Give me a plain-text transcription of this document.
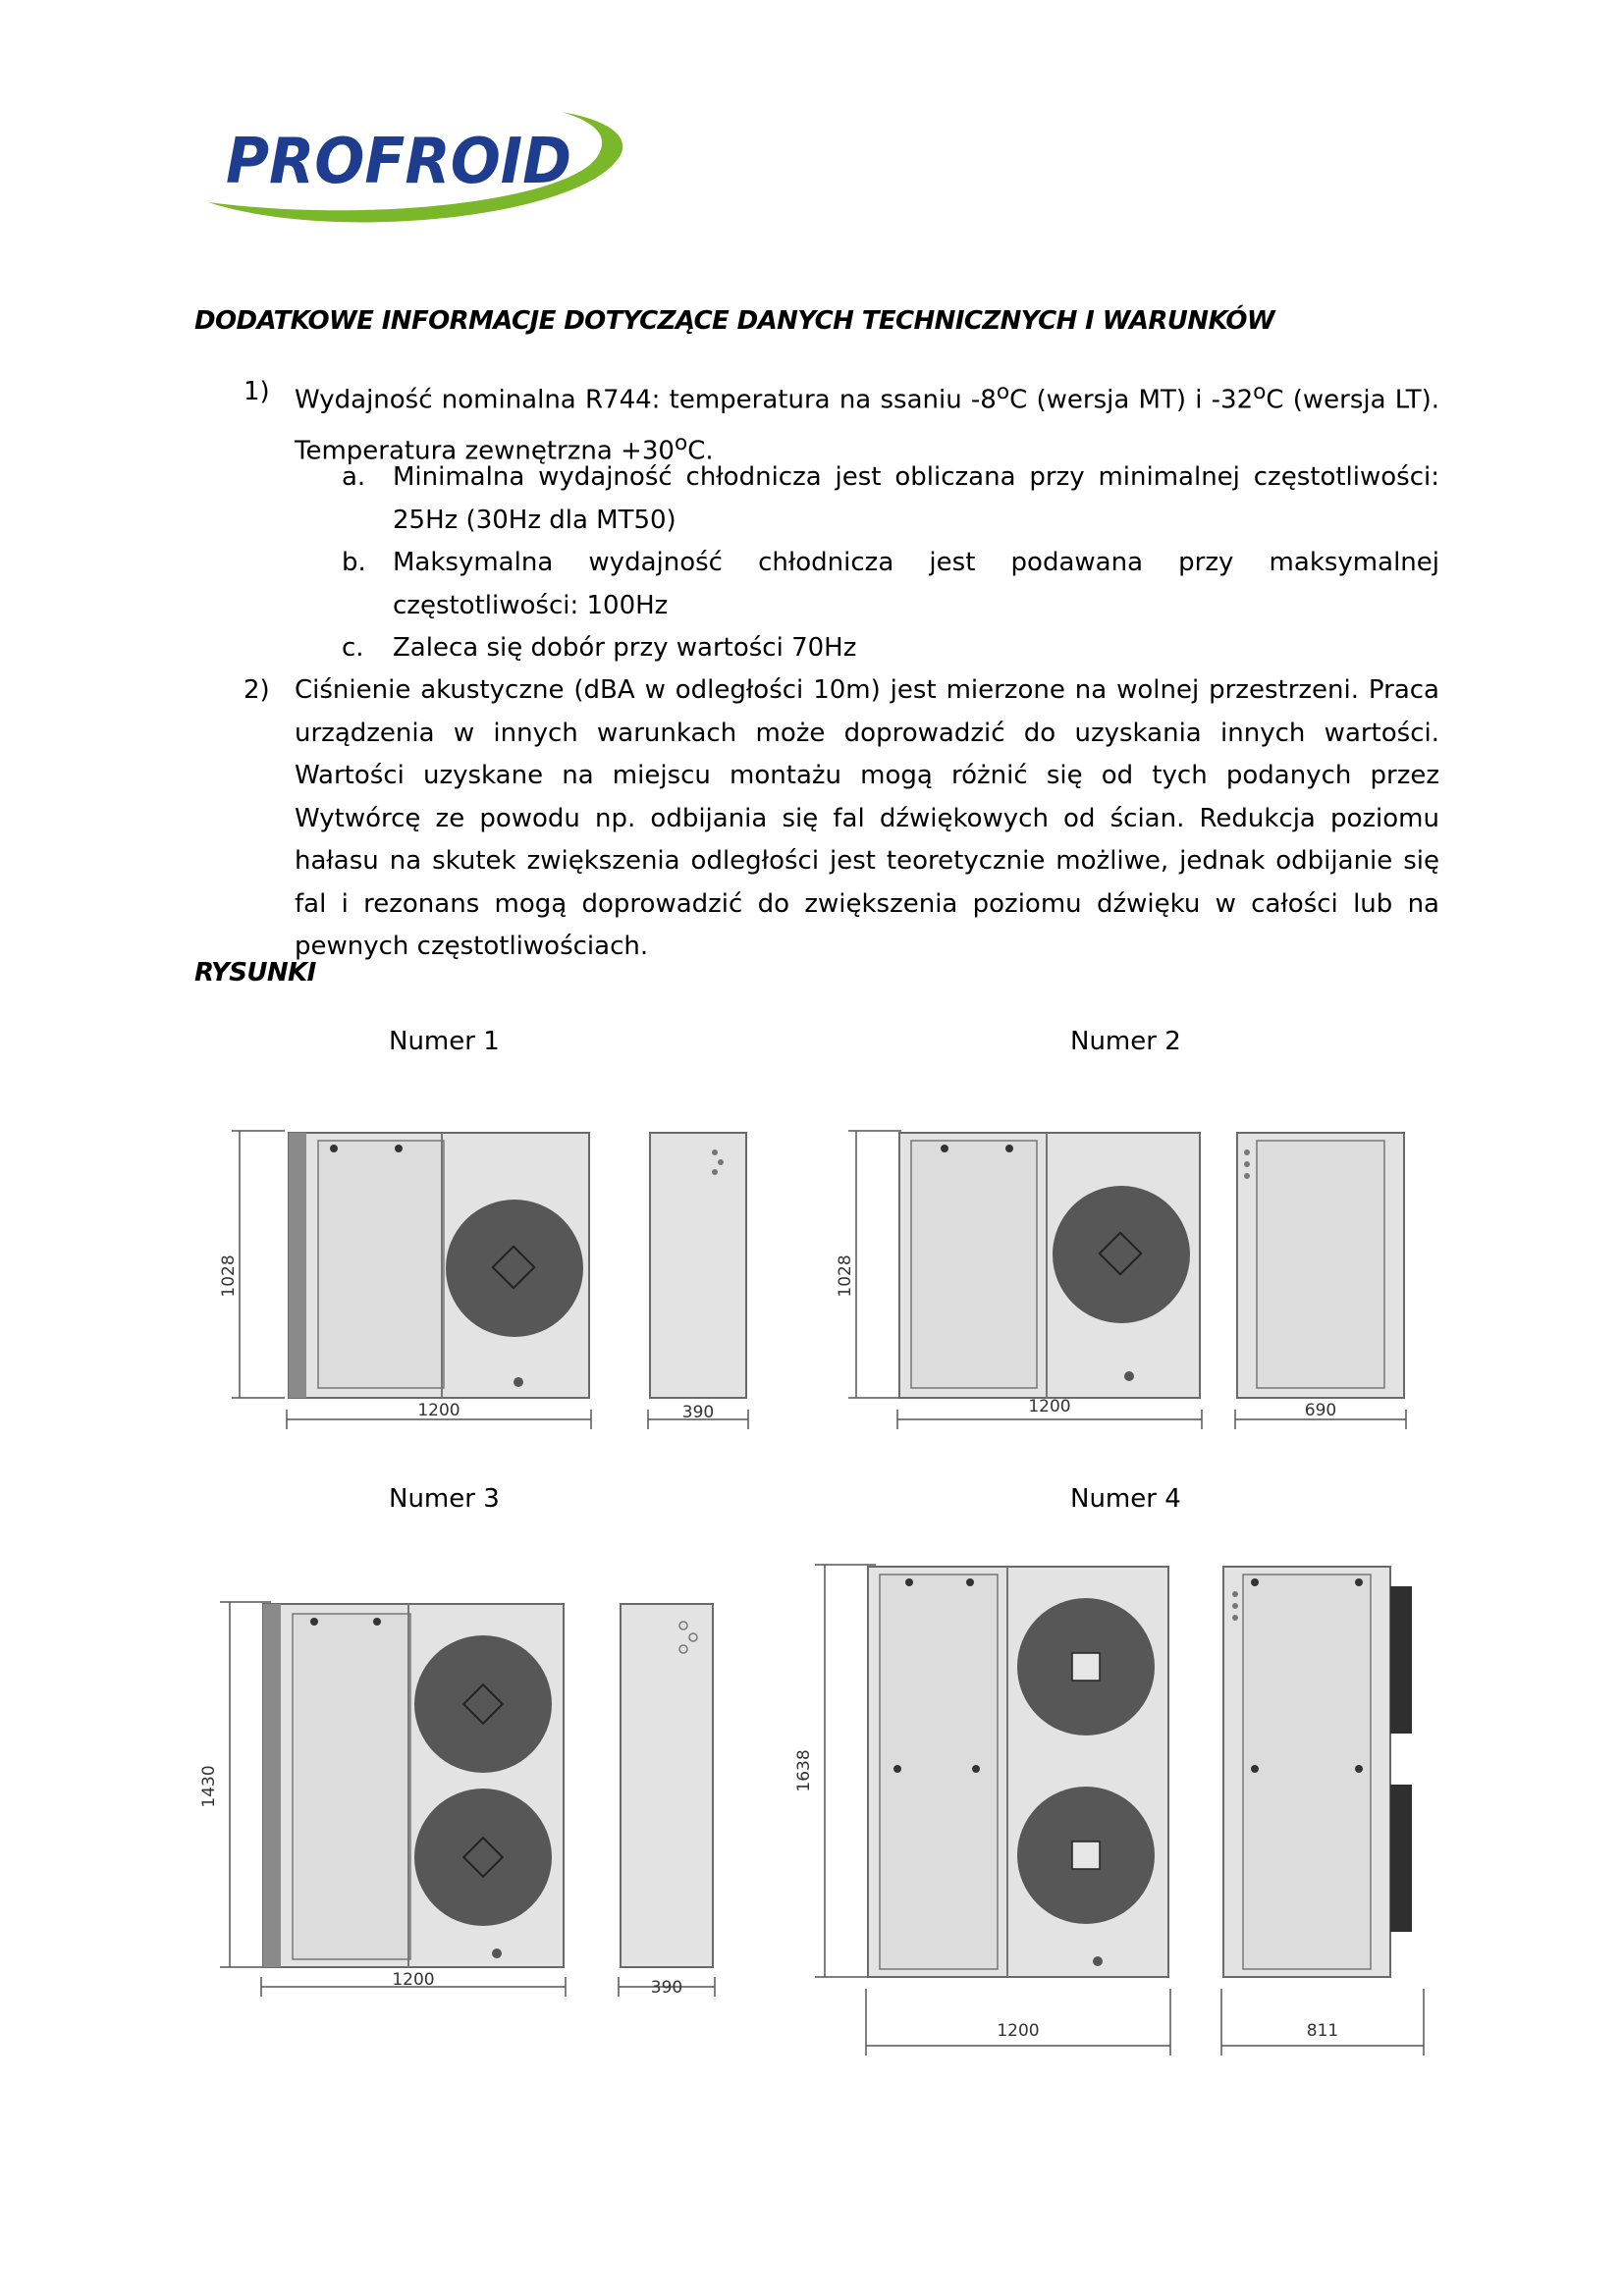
PROFROID
DODATKOWE INFORMACJE DOTYCZĄCE DANYCH TECHNICZNYCH I WARUNKÓW
1) Wydajność nominalna R744: temperatura na ssaniu -8$^o$C (wersja MT) i -32$^o$C (wersja LT). Temperatura zewnętrzna $+30^oC$.
a. Minimalna wydajność chłodnicza jest obliczana przy minimalnej częstotliwości: 25Hz (30Hz dla MT50)
b. Maksymalna wydajność chłodnicza jest podawana przy maksymalnej częstotliwości: 100Hz
c. Zaleca się dobór przy wartości 70Hz
2) Ciśnienie akustyczne (dBA w odległości 10m) jest mierzone na wolnej przestrzeni. Praca urządzenia w innych warunkach może doprowadzić do uzyskania innych wartości. Wartości uzyskane na miejscu montażu mogą różnić się od tych podanych przez Wytwórcę ze powodu np. odbijania się fal dźwiękowych od ścian. Redukcja poziomu hałasu na skutek zwiększenia odległości jest teoretycznie możliwe, jednak odbijanie się fal i rezonans mogą doprowadzić do zwiększenia poziomu dźwięku w całości lub na pewnych częstotliwościach.
RYSUNKI
Numer 1	Numer 2
Numer 3	Numer 4
1028
1200	390
1028
1200	690
1430
1200	390
1638
1200	811
